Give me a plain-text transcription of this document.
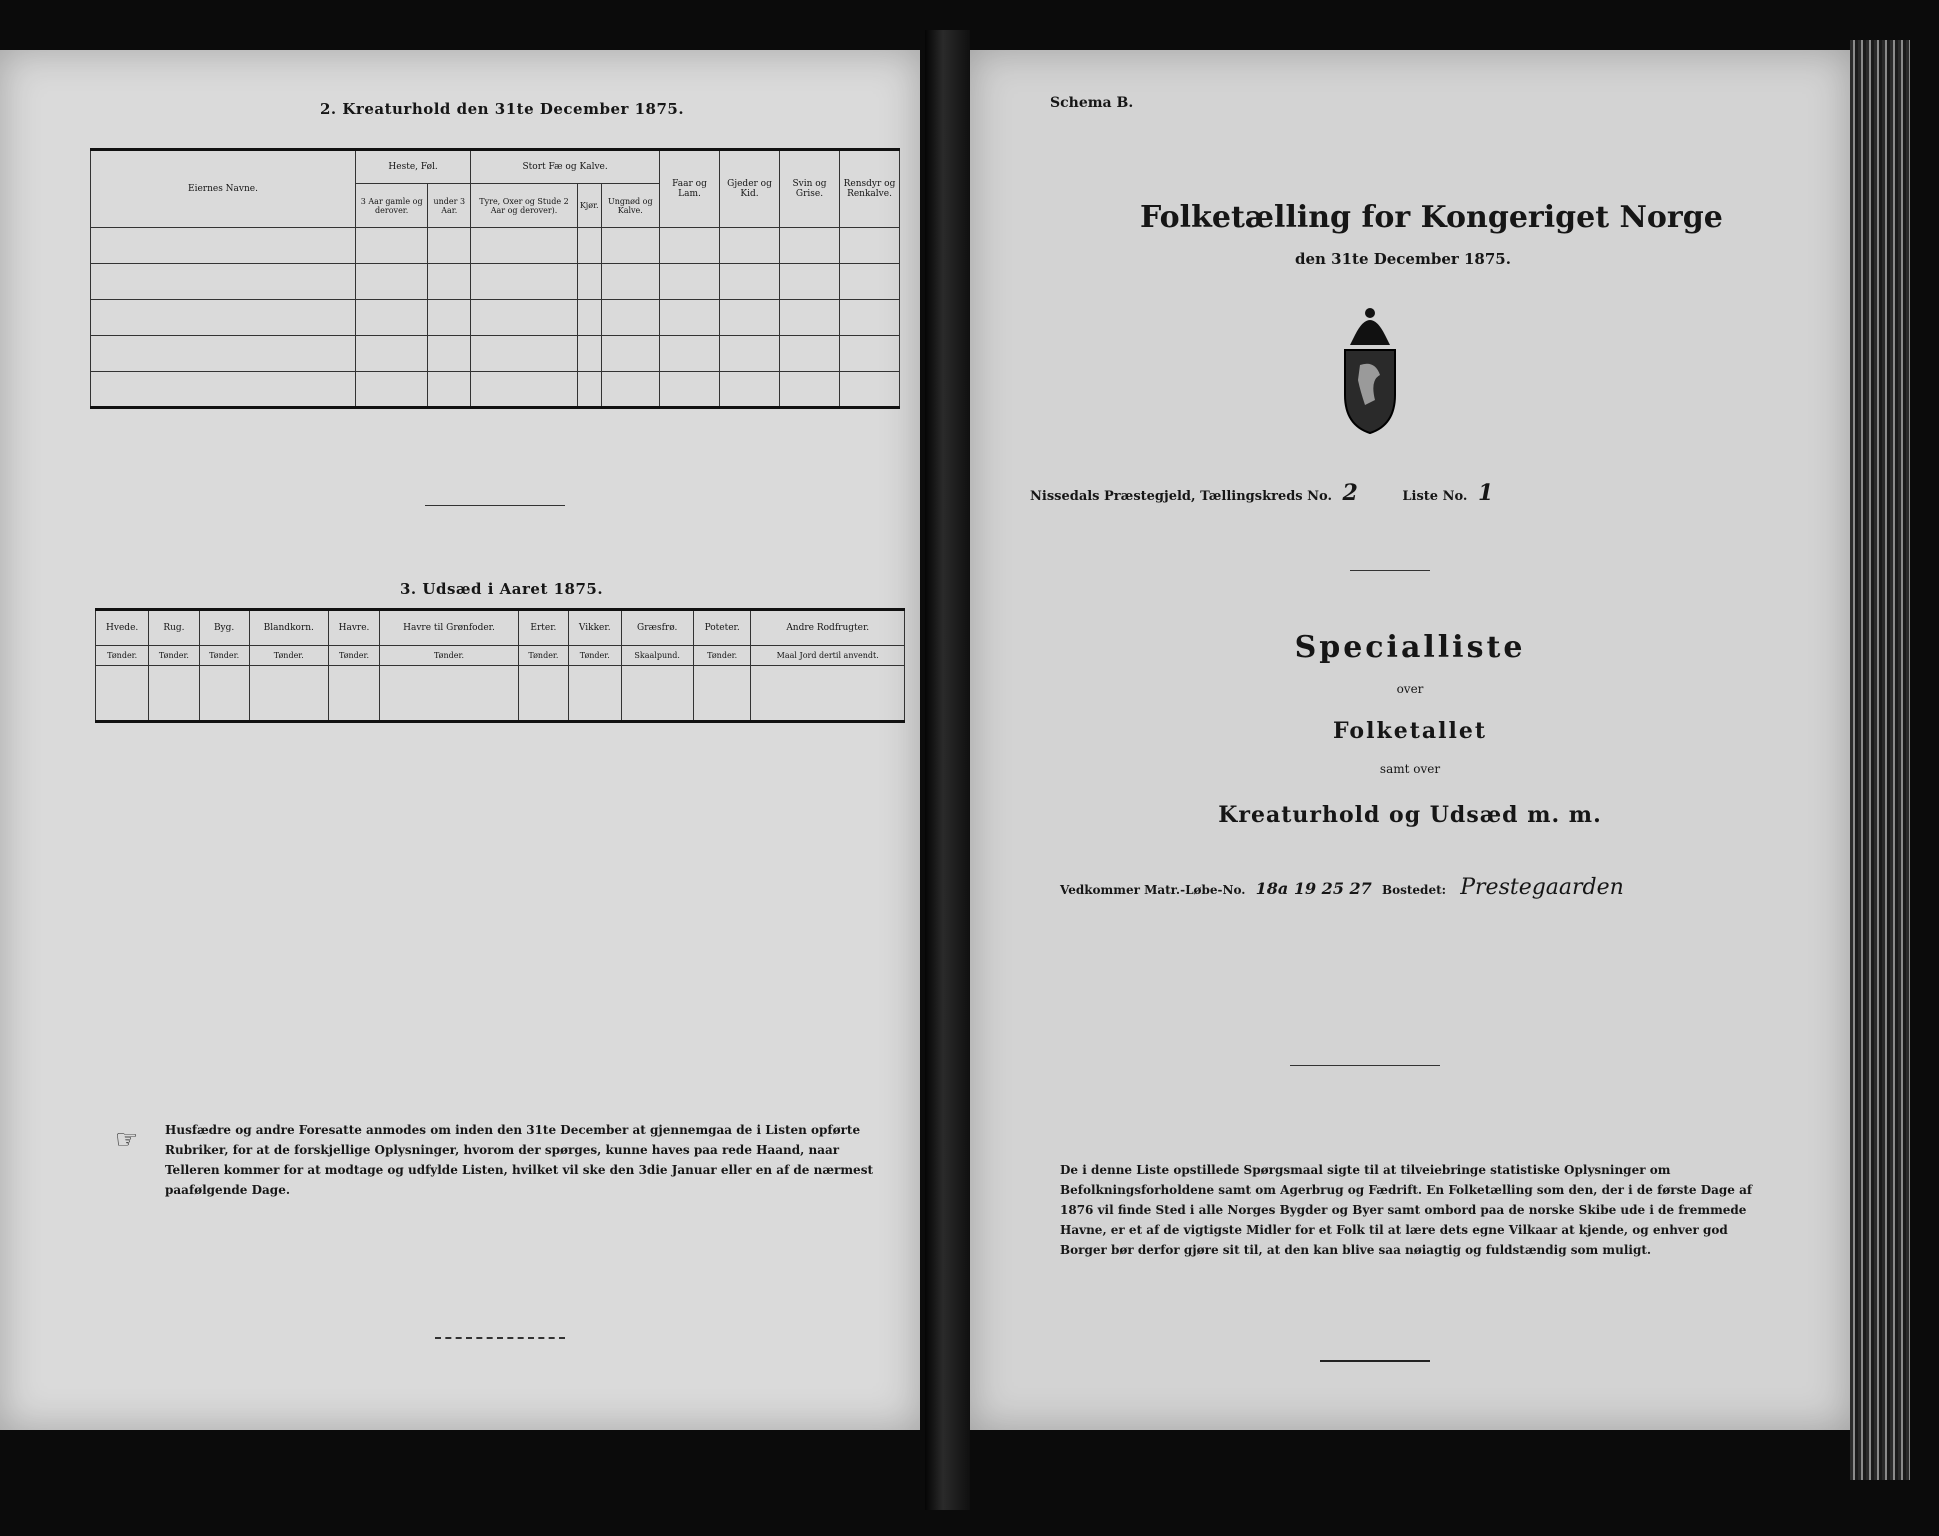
2. Kreaturhold den 31te December 1875.
Eiernes Navne.	Heste, Føl.		Stort Fæ og Kalve.			Faar og Lam.	Gjeder og Kid.	Svin og Grise.	Rensdyr og Renkalve.
	3 Aar gamle og derover.	under 3 Aar.	Tyre, Oxer og Stude 2 Aar og derover).	Kjør.	Ungnød og Kalve.				

3. Udsæd i Aaret 1875.
Hvede.	Rug.	Byg.	Blandkorn.	Havre.	Havre til Grønfoder.	Erter.	Vikker.	Græsfrø.	Poteter.	Andre Rodfrugter.
Tønder.	Tønder.	Tønder.	Tønder.	Tønder.	Tønder.	Tønder.	Tønder.	Skaalpund.	Tønder.	Maal Jord dertil anvendt.

☞ Husfædre og andre Foresatte anmodes om inden den 31te December at gjennemgaa de i Listen opførte Rubriker, for at de forskjellige Oplysninger, hvorom der spørges, kunne haves paa rede Haand, naar Telleren kommer for at modtage og udfylde Listen, hvilket vil ske den 3die Januar eller en af de nærmest paafølgende Dage.
Schema B.
Folketælling for Kongeriget Norge
den 31te December 1875.
Nissedals Præstegjeld, Tællingskreds No. 2	Liste No. 1
Specialliste
over
Folketallet
samt over
Kreaturhold og Udsæd m. m.
Vedkommer Matr.-Løbe-No. 18a 19 25 27 Bostedet: Prestegaarden
De i denne Liste opstillede Spørgsmaal sigte til at tilveiebringe statistiske Oplysninger om Befolkningsforholdene samt om Agerbrug og Fædrift. En Folketælling som den, der i de første Dage af 1876 vil finde Sted i alle Norges Bygder og Byer samt ombord paa de norske Skibe ude i de fremmede Havne, er et af de vigtigste Midler for et Folk til at lære dets egne Vilkaar at kjende, og enhver god Borger bør derfor gjøre sit til, at den kan blive saa nøiagtig og fuldstændig som muligt.
